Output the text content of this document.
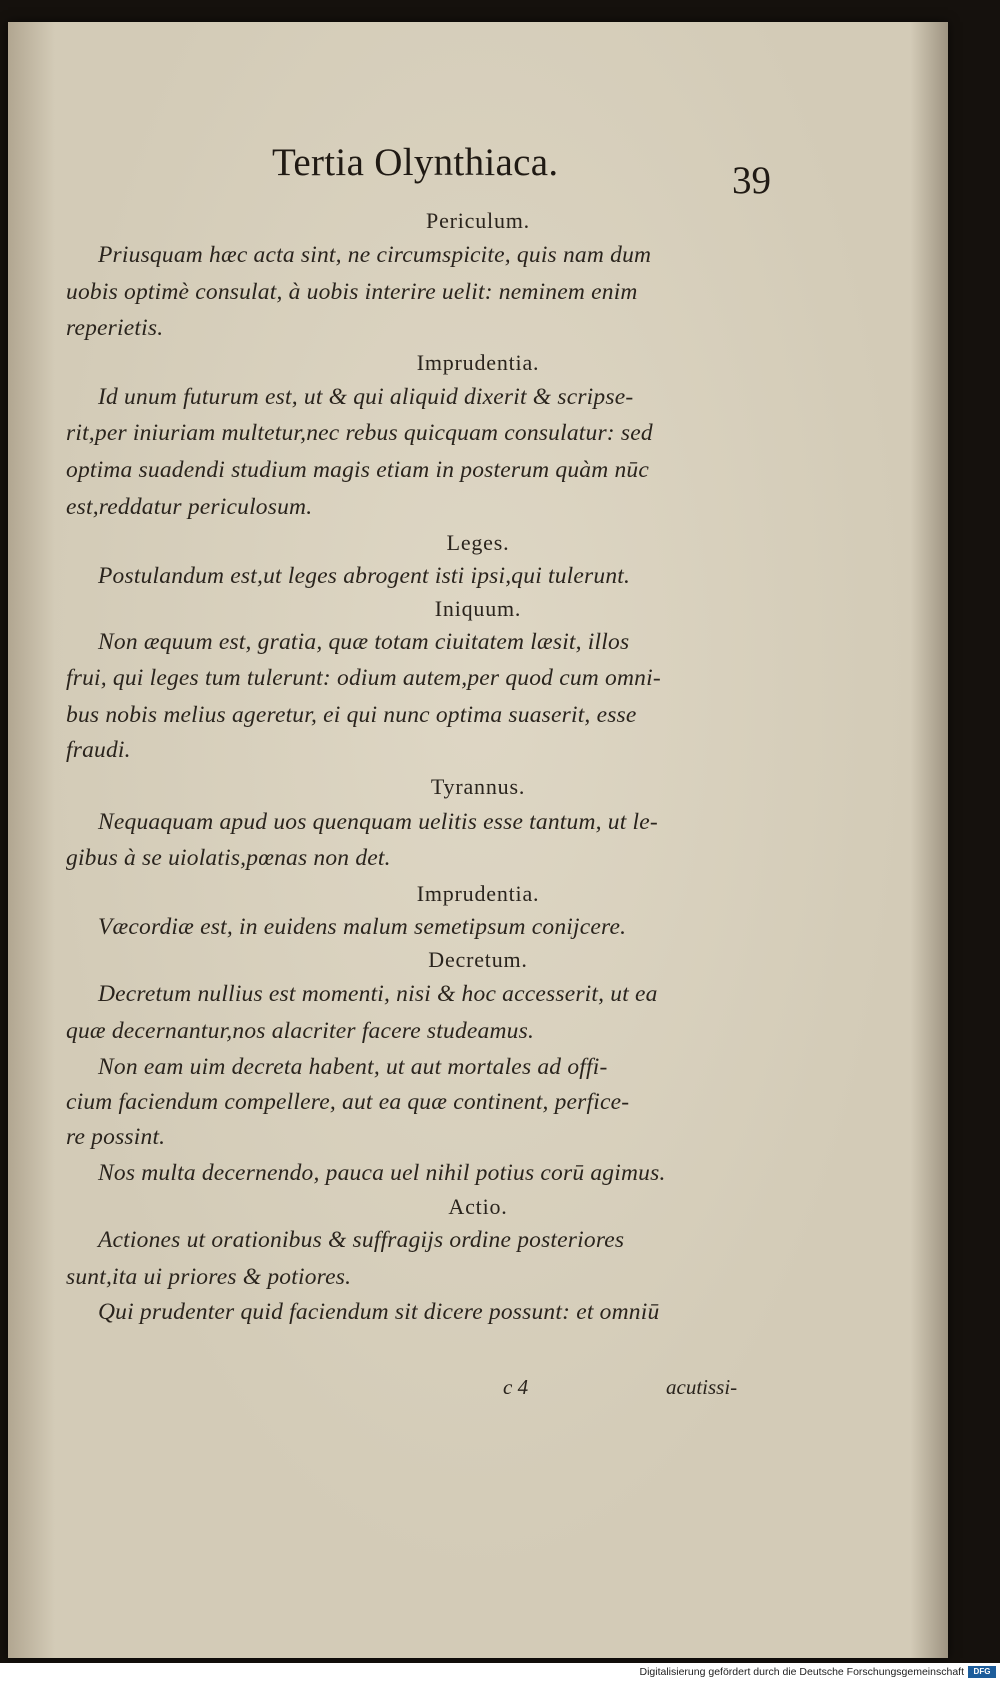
Tertia Olynthiaca.	39
Periculum.
Priusquam hæc acta sint, ne circumspicite, quis nam dum
uobis optimè consulat, à uobis interire uelit: neminem enim
reperietis.
Imprudentia.
Id unum futurum est, ut & qui aliquid dixerit & scripse-
rit,per iniuriam multetur,nec rebus quicquam consulatur: sed
optima suadendi studium magis etiam in posterum quàm nūc
est,reddatur periculosum.
Leges.
Postulandum est,ut leges abrogent isti ipsi,qui tulerunt.
Iniquum.
Non æquum est, gratia, quæ totam ciuitatem læsit, illos
frui, qui leges tum tulerunt: odium autem,per quod cum omni-
bus nobis melius ageretur, ei qui nunc optima suaserit, esse
fraudi.
Tyrannus.
Nequaquam apud uos quenquam uelitis esse tantum, ut le-
gibus à se uiolatis,pœnas non det.
Imprudentia.
Væcordiæ est, in euidens malum semetipsum conijcere.
Decretum.
Decretum nullius est momenti, nisi & hoc accesserit, ut ea
quæ decernantur,nos alacriter facere studeamus.
Non eam uim decreta habent, ut aut mortales ad offi-
cium faciendum compellere, aut ea quæ continent, perfice-
re possint.
Nos multa decernendo, pauca uel nihil potius corū agimus.
Actio.
Actiones ut orationibus & suffragijs ordine posteriores
sunt,ita ui priores & potiores.
Qui prudenter quid faciendum sit dicere possunt: et omniū
c 4	acutissi-
Digitalisierung gefördert durch die Deutsche Forschungsgemeinschaft	DFG
